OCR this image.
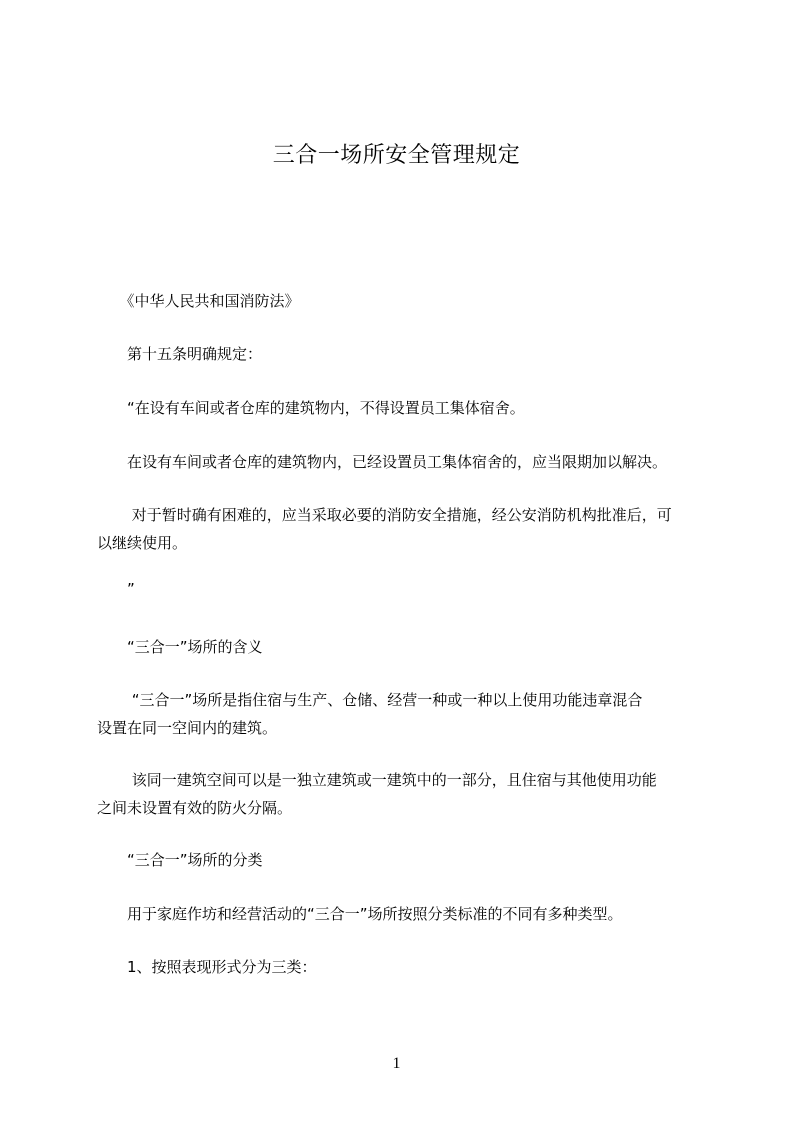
三合一场所安全管理规定
　　《中华人民共和国消防法》
　　第十五条明确规定：
　　“在设有车间或者仓库的建筑物内，不得设置员工集体宿舍。
　　在设有车间或者仓库的建筑物内，已经设置员工集体宿舍的，应当限期加以解决。
　　 对于暂时确有困难的，应当采取必要的消防安全措施，经公安消防机构批准后，可
以继续使用。
　　”
　　“三合一”场所的含义
　　 “三合一”场所是指住宿与生产、仓储、经营一种或一种以上使用功能违章混合
设置在同一空间内的建筑。
　　 该同一建筑空间可以是一独立建筑或一建筑中的一部分，且住宿与其他使用功能
之间未设置有效的防火分隔。
　　“三合一”场所的分类
　　用于家庭作坊和经营活动的“三合一”场所按照分类标准的不同有多种类型。
　　1、按照表现形式分为三类：
1
